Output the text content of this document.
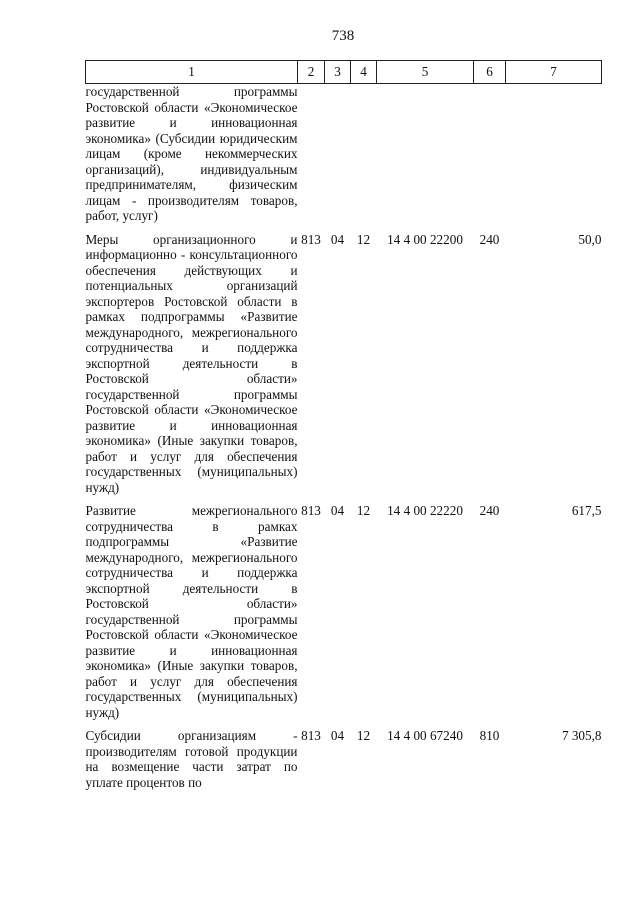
738
1	2	3	4	5	6	7
государственной программы Ростовской области «Экономическое развитие и инновационная экономика» (Субсидии юридическим лицам (кроме некоммерческих организаций), индивидуальным предпринимателям, физическим лицам - производителям товаров, работ, услуг)						
Меры организационного и информационно - консультационного обеспечения действующих и потенциальных организаций экспортеров Ростовской области в рамках подпрограммы «Развитие международного, межрегионального сотрудничества и поддержка экспортной деятельности в Ростовской области» государственной программы Ростовской области «Экономическое развитие и инновационная экономика» (Иные закупки товаров, работ и услуг для обеспечения государственных (муниципальных) нужд)	813	04	12	14 4 00 22200	240	50,0
Развитие межрегионального сотрудничества в рамках подпрограммы «Развитие международного, межрегионального сотрудничества и поддержка экспортной деятельности в Ростовской области» государственной программы Ростовской области «Экономическое развитие и инновационная экономика» (Иные закупки товаров, работ и услуг для обеспечения государственных (муниципальных) нужд)	813	04	12	14 4 00 22220	240	617,5
Субсидии организациям - производителям готовой продукции на возмещение части затрат по уплате процентов по	813	04	12	14 4 00 67240	810	7 305,8
